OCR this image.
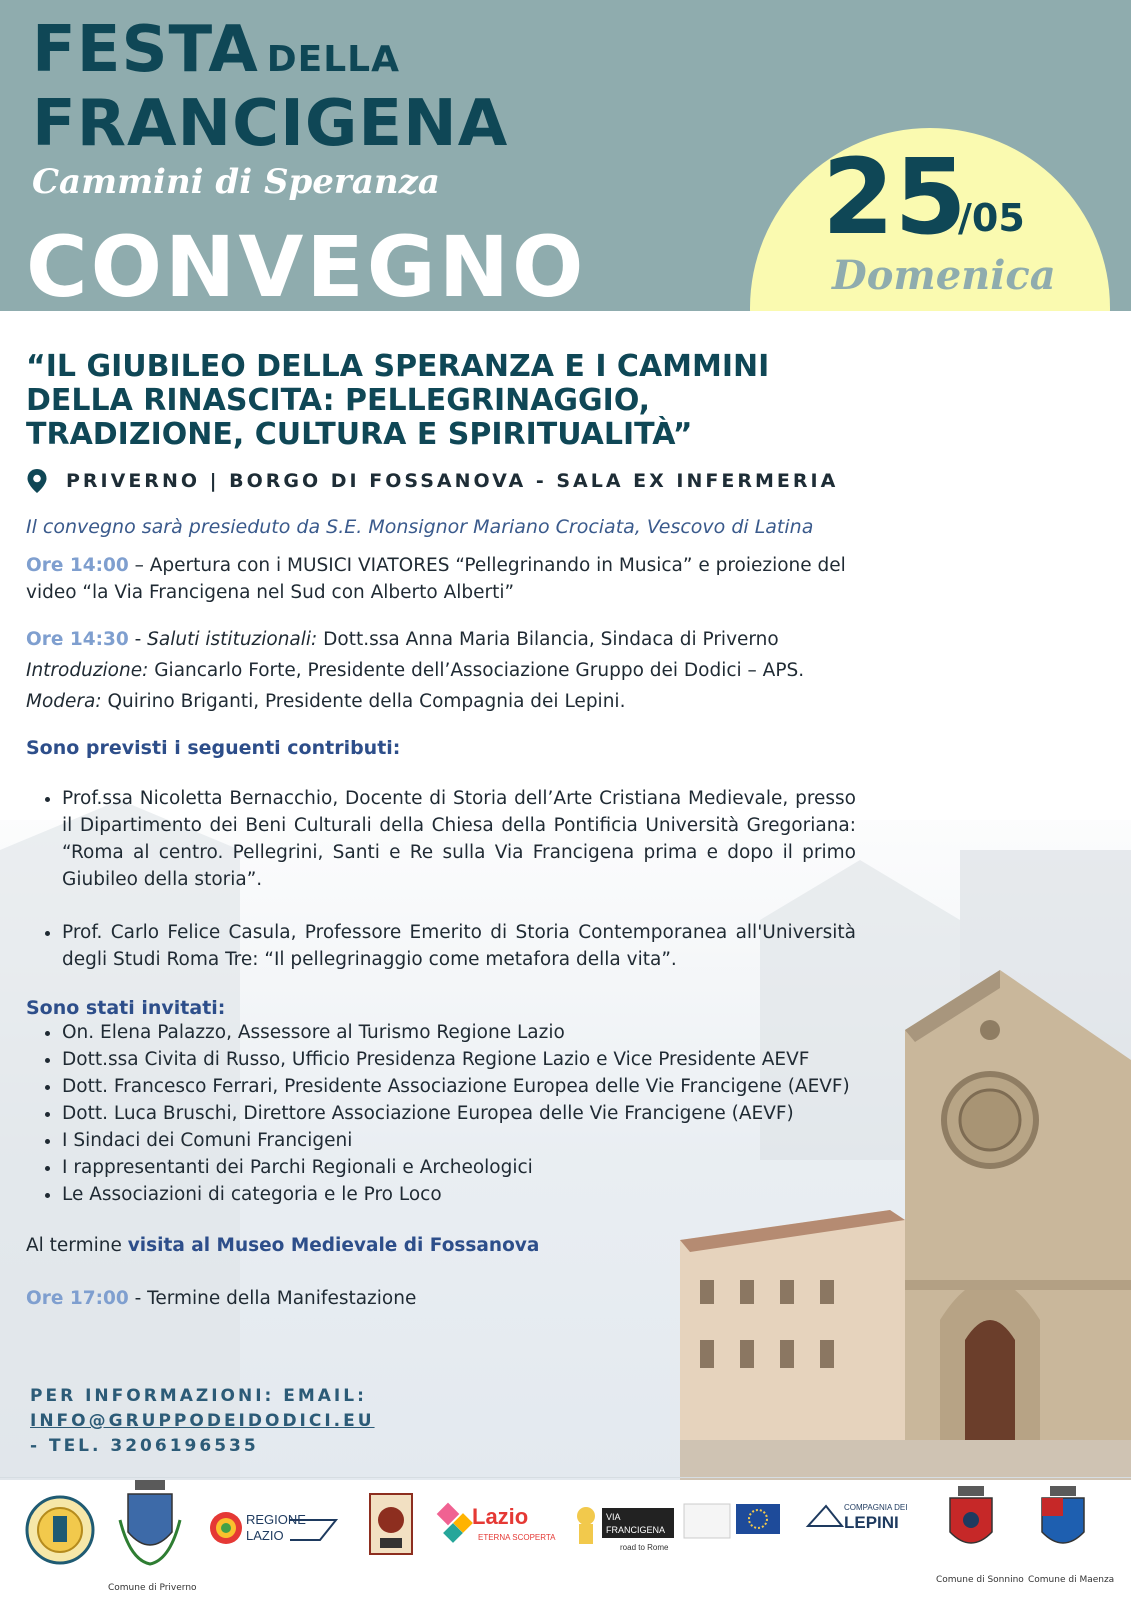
FESTA DELLA
FRANCIGENA
Cammini di Speranza
CONVEGNO
25
/05
Domenica
“IL GIUBILEO DELLA SPERANZA E I CAMMINI DELLA RINASCITA: PELLEGRINAGGIO, TRADIZIONE, CULTURA E SPIRITUALITÀ”
PRIVERNO | BORGO DI FOSSANOVA - SALA EX INFERMERIA
Il convegno sarà presieduto da S.E. Monsignor Mariano Crociata, Vescovo di Latina

Ore 14:00 – Apertura con i MUSICI VIATORES “Pellegrinando in Musica” e proiezione del video “la Via Francigena nel Sud con Alberto Alberti”

Ore 14:30 - Saluti istituzionali: Dott.ssa Anna Maria Bilancia, Sindaca di Priverno

Introduzione: Giancarlo Forte, Presidente dell’Associazione Gruppo dei Dodici – APS.

Modera: Quirino Briganti, Presidente della Compagnia dei Lepini.

Sono previsti i seguenti contributi:
• Prof.ssa Nicoletta Bernacchio, Docente di Storia dell’Arte Cristiana Medievale, presso il Dipartimento dei Beni Culturali della Chiesa della Pontificia Università Gregoriana: “Roma al centro. Pellegrini, Santi e Re sulla Via Francigena prima e dopo il primo Giubileo della storia”.
• Prof. Carlo Felice Casula, Professore Emerito di Storia Contemporanea all'Università degli Studi Roma Tre: “Il pellegrinaggio come metafora della vita”.
Sono stati invitati:
• On. Elena Palazzo, Assessore al Turismo Regione Lazio
• Dott.ssa Civita di Russo, Ufficio Presidenza Regione Lazio e Vice Presidente AEVF
• Dott. Francesco Ferrari, Presidente Associazione Europea delle Vie Francigene (AEVF)
• Dott. Luca Bruschi, Direttore Associazione Europea delle Vie Francigene (AEVF)
• I Sindaci dei Comuni Francigeni
• I rappresentanti dei Parchi Regionali e Archeologici
• Le Associazioni di categoria e le Pro Loco

Al termine visita al Museo Medievale di Fossanova

Ore 17:00 - Termine della Manifestazione

PER INFORMAZIONI: EMAIL: INFO@GRUPPODEIDODICI.EU
- TEL. 3206196535
Comune di Priverno
REGIONE
LAZIO
Lazio
ETERNA SCOPERTA
VIA
FRANCIGENA
road to Rome
COMPAGNIA DEI
LEPINI
Comune di Sonnino Comune di Maenza
